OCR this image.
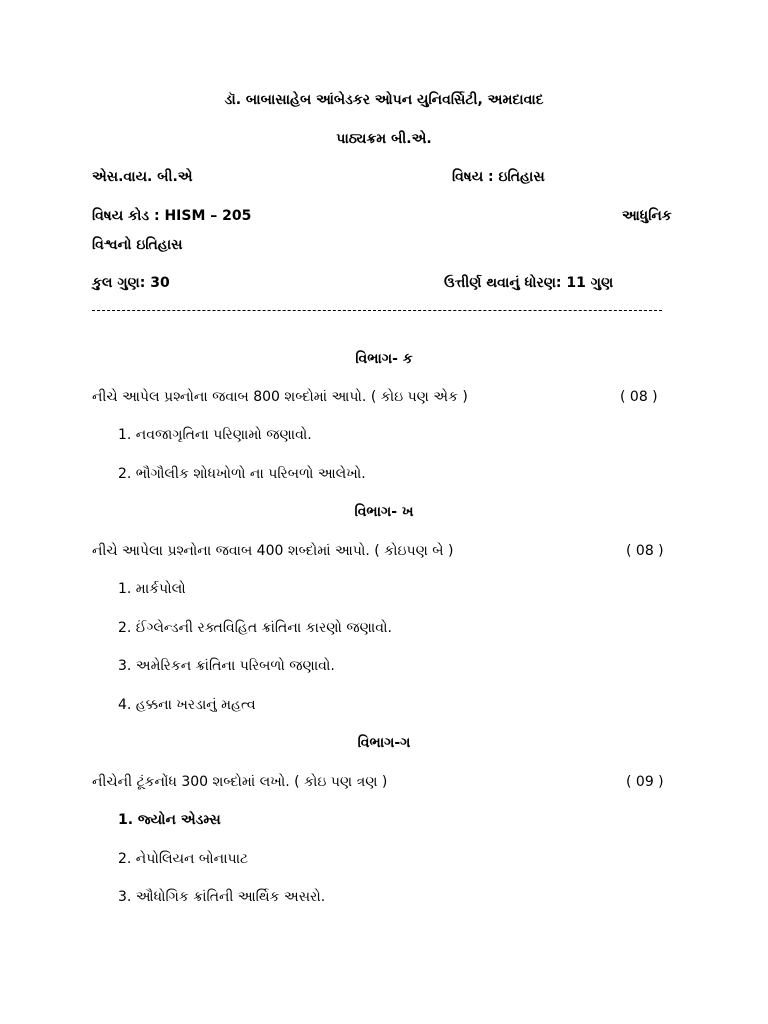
ડૉ. બાબાસાહેબ આંબેડકર ઓપન યુનિવર્સિટી, અમદાવાદ
પાઠ્યક્રમ બી.એ.
એસ.વાય. બી.એ	વિષય : ઇતિહાસ
વિષય કોડ : HISM – 205	આધુનિક
વિશ્વનો ઇતિહાસ
કુલ ગુણ: 30	ઉત્તીર્ણ થવાનું ધોરણ: 11 ગુણ
વિભાગ- ક
નીચે આપેલ પ્રશ્નોના જવાબ 800 શબ્દોમાં આપો. ( કોઇ પણ એક )	( 08 )
1. નવજાગૃતિના પરિણામો જણાવો.
2. ભૌગૌલીક શોધખોળો ના પરિબળો આલેખો.
વિભાગ- ખ
નીચે આપેલા પ્રશ્નોના જવાબ 400 શબ્દોમાં આપો. ( કોઇપણ બે )	( 08 )
1. માર્કપોલો
2. ઈંગ્લેન્ડની રક્તવિહિત ક્રાંતિના કારણો જણાવો.
3. અમેરિકન ક્રાંતિના પરિબળો જણાવો.
4. હક્કના ખરડાનું મહત્વ
વિભાગ-ગ
નીચેની ટૂંકનોંધ 300 શબ્દોમાં લખો. ( કોઇ પણ ત્રણ )	( 09 )
1. જ્યોન એડમ્સ
2. નેપોલિયન બોનાપાટ
3. ઔધોગિક ક્રાંતિની આર્થિક અસરો.
